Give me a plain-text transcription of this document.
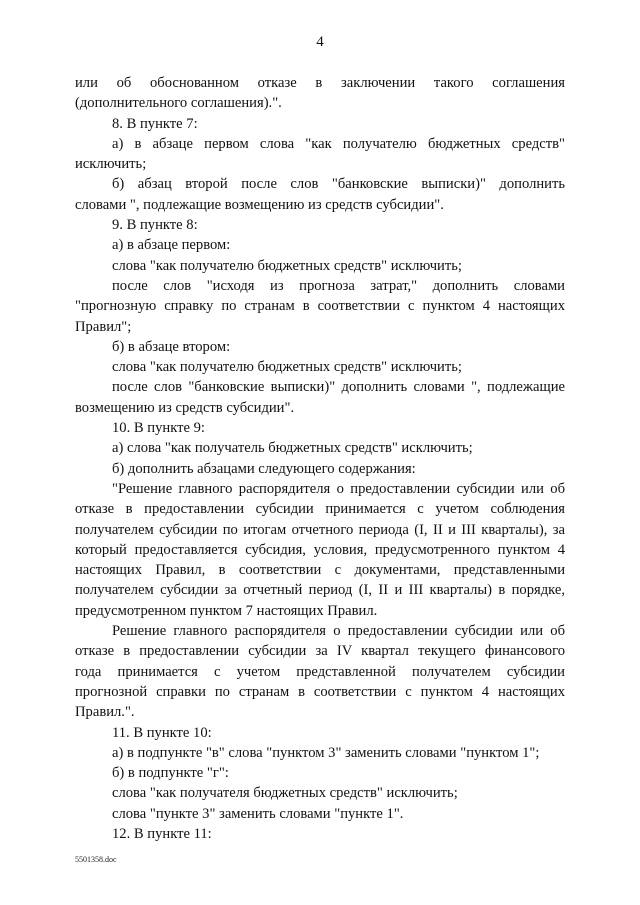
4
или об обоснованном отказе в заключении такого соглашения
(дополнительного соглашения).".
8. В пункте 7:
а) в абзаце первом слова "как получателю бюджетных средств"
исключить;
б) абзац второй после слов "банковские выписки)" дополнить
словами ", подлежащие возмещению из средств субсидии".
9. В пункте 8:
а) в абзаце первом:
слова "как получателю бюджетных средств" исключить;
после слов "исходя из прогноза затрат," дополнить словами
"прогнозную справку по странам в соответствии с пунктом 4 настоящих
Правил";
б) в абзаце втором:
слова "как получателю бюджетных средств" исключить;
после слов "банковские выписки)" дополнить словами ", подлежащие
возмещению из средств субсидии".
10. В пункте 9:
а) слова "как получатель бюджетных средств" исключить;
б) дополнить абзацами следующего содержания:
"Решение главного распорядителя о предоставлении субсидии или об
отказе в предоставлении субсидии принимается с учетом соблюдения
получателем субсидии по итогам отчетного периода (I, II и III кварталы), за
который предоставляется субсидия, условия, предусмотренного пунктом 4
настоящих Правил, в соответствии с документами, представленными
получателем субсидии за отчетный период (I, II и III кварталы) в порядке,
предусмотренном пунктом 7 настоящих Правил.
Решение главного распорядителя о предоставлении субсидии или об
отказе в предоставлении субсидии за IV квартал текущего финансового
года принимается с учетом представленной получателем субсидии
прогнозной справки по странам в соответствии с пунктом 4 настоящих
Правил.".
11. В пункте 10:
а) в подпункте "в" слова "пунктом 3" заменить словами "пунктом 1";
б) в подпункте "г":
слова "как получателя бюджетных средств" исключить;
слова "пункте 3" заменить словами "пункте 1".
12. В пункте 11:
5501358.doc
